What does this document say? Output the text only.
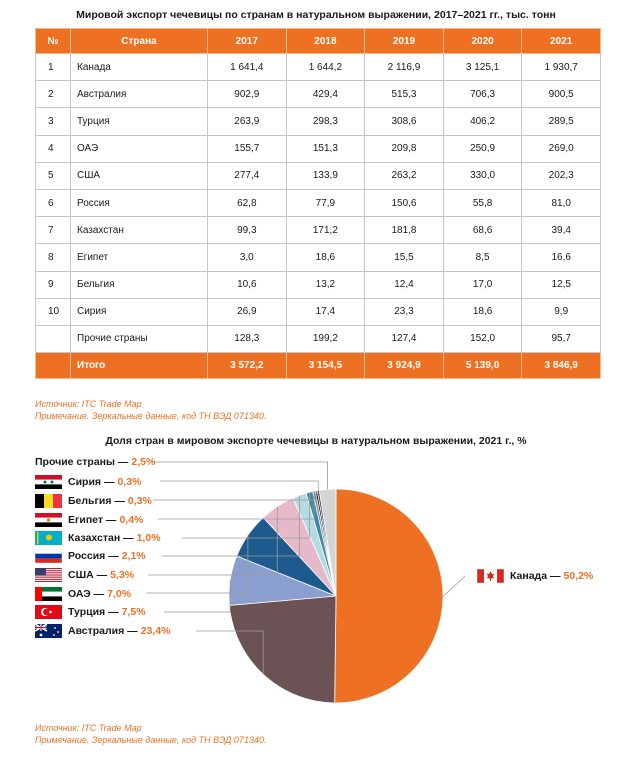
Мировой экспорт чечевицы по странам в натуральном выражении, 2017–2021 гг., тыс. тонн
№	Страна	2017	2018	2019	2020	2021
1	Канада	1 641,4	1 644,2	2 116,9	3 125,1	1 930,7
2	Австралия	902,9	429,4	515,3	706,3	900,5
3	Турция	263,9	298,3	308,6	406,2	289,5
4	ОАЭ	155,7	151,3	209,8	250,9	269,0
5	США	277,4	133,9	263,2	330,0	202,3
6	Россия	62,8	77,9	150,6	55,8	81,0
7	Казахстан	99,3	171,2	181,8	68,6	39,4
8	Египет	3,0	18,6	15,5	8,5	16,6
9	Бельгия	10,6	13,2	12,4	17,0	12,5
10	Сирия	26,9	17,4	23,3	18,6	9,9
	Прочие страны	128,3	199,2	127,4	152,0	95,7
	Итого	3 572,2	3 154,5	3 924,9	5 139,0	3 846,9
Источник: ITC Trade Map
Примечание. Зеркальные данные, код ТН ВЭД 071340.
Доля стран в мировом экспорте чечевицы в натуральном выражении, 2021 г., %
Прочие страны — 2,5%
Сирия — 0,3%
Бельгия — 0,3%
Египет — 0,4%
Казахстан — 1,0%
Россия — 2,1%
США — 5,3%
ОАЭ — 7,0%
Турция — 7,5%
Австралия — 23,4%
Канада — 50,2%
Источник: ITC Trade Map
Примечание. Зеркальные данные, код ТН ВЭД 071340.
